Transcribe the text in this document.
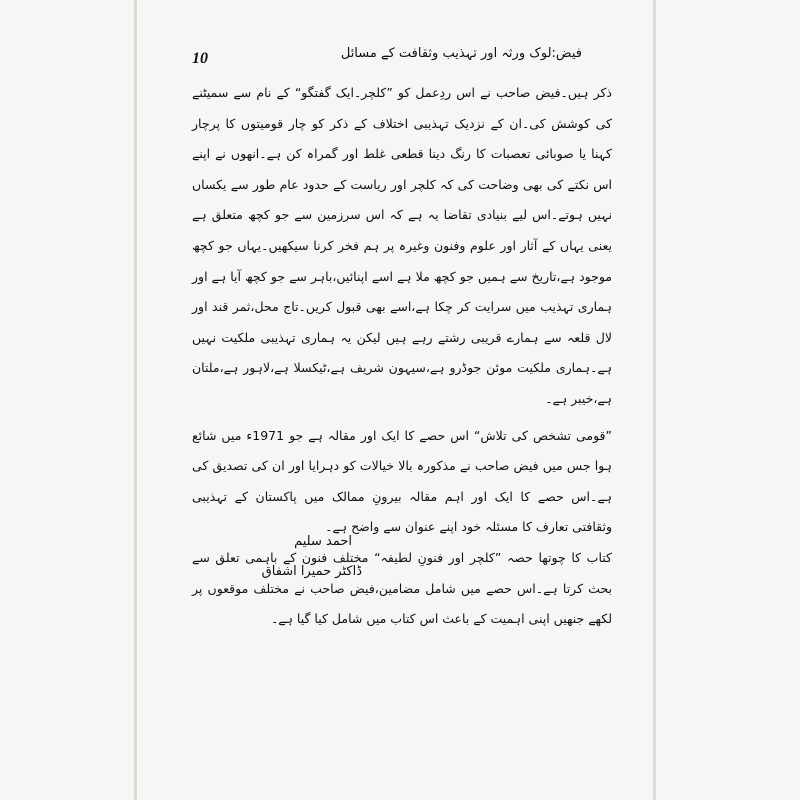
10	فیض:لوک ورثہ اور تہذیب وثقافت کے مسائل

ذکر ہیں۔فیض صاحب نے اس ردِعمل کو ”کلچر۔ایک گفتگو“ کے نام سے سمیٹنے کی کوشش کی۔ان کے نزدیک تہذیبی اختلاف کے ذکر کو چار قومیتوں کا پرچار کہنا یا صوبائی تعصبات کا رنگ دینا قطعی غلط اور گمراہ کن ہے۔انھوں نے اپنے اس نکتے کی بھی وضاحت کی کہ کلچر اور ریاست کے حدود عام طور سے یکساں نہیں ہوتے۔اس لیے بنیادی تقاضا یہ ہے کہ اس سرزمین سے جو کچھ متعلق ہے یعنی یہاں کے آثار اور علوم وفنون وغیرہ پر ہم فخر کرنا سیکھیں۔یہاں جو کچھ موجود ہے،تاریخ سے ہمیں جو کچھ ملا ہے اسے اپنائیں،باہر سے جو کچھ آیا ہے اور ہماری تہذیب میں سرایت کر چکا ہے،اسے بھی قبول کریں۔تاج محل،ثمر قند اور لال قلعہ سے ہمارے قریبی رشتے رہے ہیں لیکن یہ ہماری تہذیبی ملکیت نہیں ہے۔ہماری ملکیت موئن جوڈرو ہے،سیہون شریف ہے،ٹیکسلا ہے،لاہور ہے،ملتان ہے،خیبر ہے۔

”قومی تشخص کی تلاش“ اس حصے کا ایک اور مقالہ ہے جو 1971ء میں شائع ہوا جس میں فیض صاحب نے مذکورہ بالا خیالات کو دہرایا اور ان کی تصدیق کی ہے۔اس حصے کا ایک اور اہم مقالہ بیرونِ ممالک میں پاکستان کے تہذیبی وثقافتی تعارف کا مسئلہ خود اپنے عنوان سے واضح ہے۔

کتاب کا چوتھا حصہ ”کلچر اور فنونِ لطیفہ“ مختلف فنون کے باہمی تعلق سے بحث کرتا ہے۔اس حصے میں شامل مضامین،فیض صاحب نے مختلف موقعوں پر لکھے جنھیں اپنی اہمیت کے باعث اس کتاب میں شامل کیا گیا ہے۔

احمد سلیم
ڈاکٹر حمیرا اشفاق
